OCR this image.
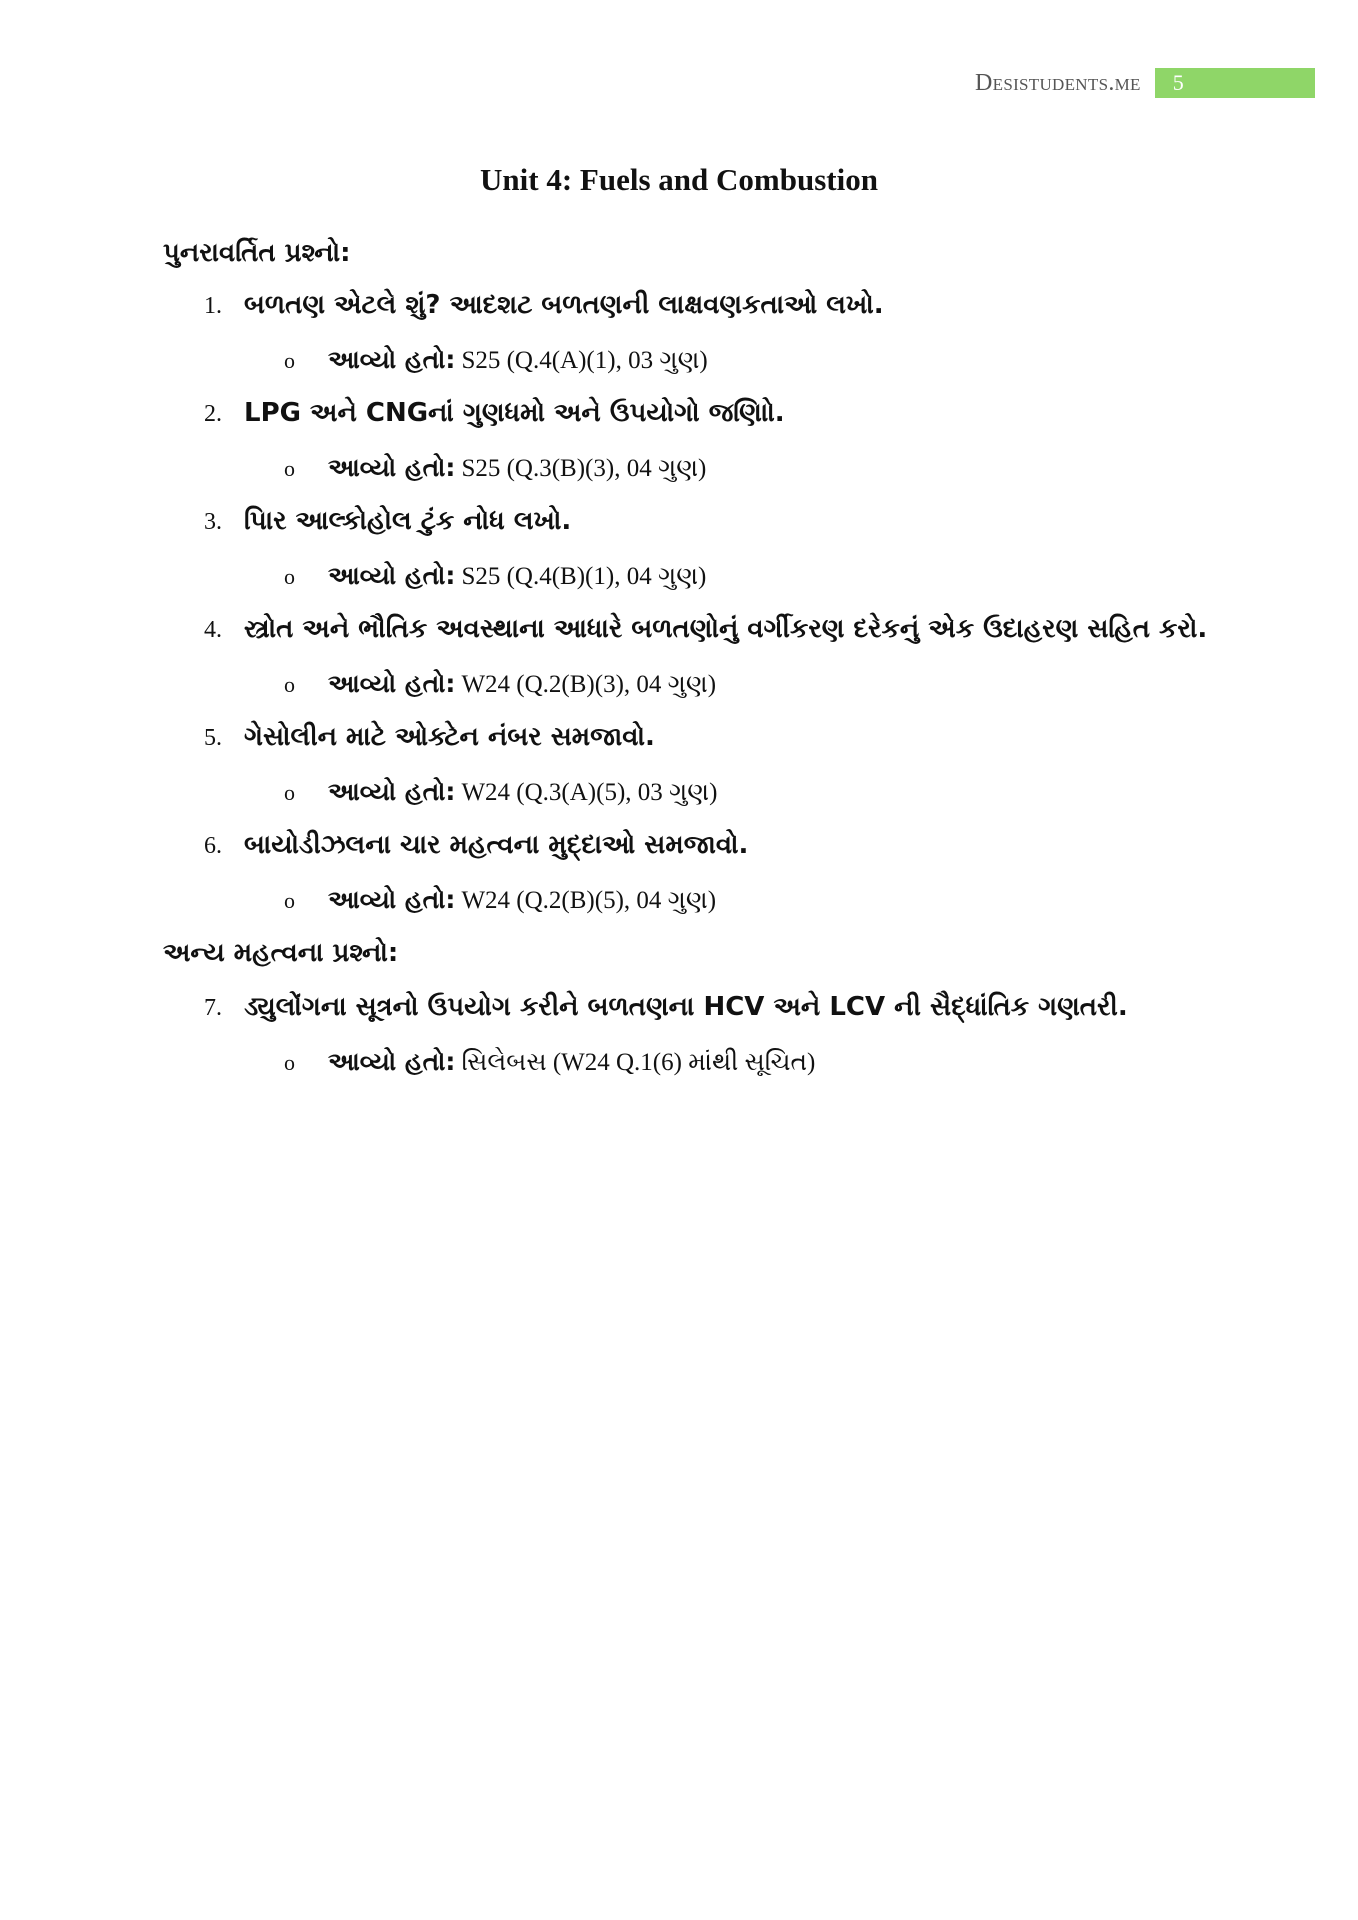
Desistudents.me	5
Unit 4: Fuels and Combustion
પુનરાવર્તિત પ્રશ્નો:
1. બળતણ એટલે શું? આદશટ બળતણની લાક્ષવણકતાઓ લખો.
o	આવ્યો હતો: S25 (Q.4(A)(1), 03 ગુણ)
2. LPG અને CNGનાં ગુણધમો અને ઉપયોગો જણાિો.
o	આવ્યો હતો: S25 (Q.3(B)(3), 04 ગુણ)
3. પાિર આલ્કોહોલ ટુંક નોધ લખો.
o	આવ્યો હતો: S25 (Q.4(B)(1), 04 ગુણ)
4. સ્ત્રોત અને ભૌતિક અવસ્થાના આધારે બળતણોનું વર્ગીકરણ દરેકનું એક ઉદાહરણ સહિત કરો.
o	આવ્યો હતો: W24 (Q.2(B)(3), 04 ગુણ)
5. ગેસોલીન માટે ઓક્ટેન નંબર સમજાવો.
o	આવ્યો હતો: W24 (Q.3(A)(5), 03 ગુણ)
6. બાયોડીઝલના ચાર મહત્વના મુદ્દાઓ સમજાવો.
o	આવ્યો હતો: W24 (Q.2(B)(5), 04 ગુણ)
અન્ય મહત્વના પ્રશ્નો:
7. ડ્યુલોંગના સૂત્રનો ઉપયોગ કરીને બળતણના HCV અને LCV ની સૈદ્ધાંતિક ગણતરી.
o	આવ્યો હતો: સિલેબસ (W24 Q.1(6) માંથી સૂચિત)
